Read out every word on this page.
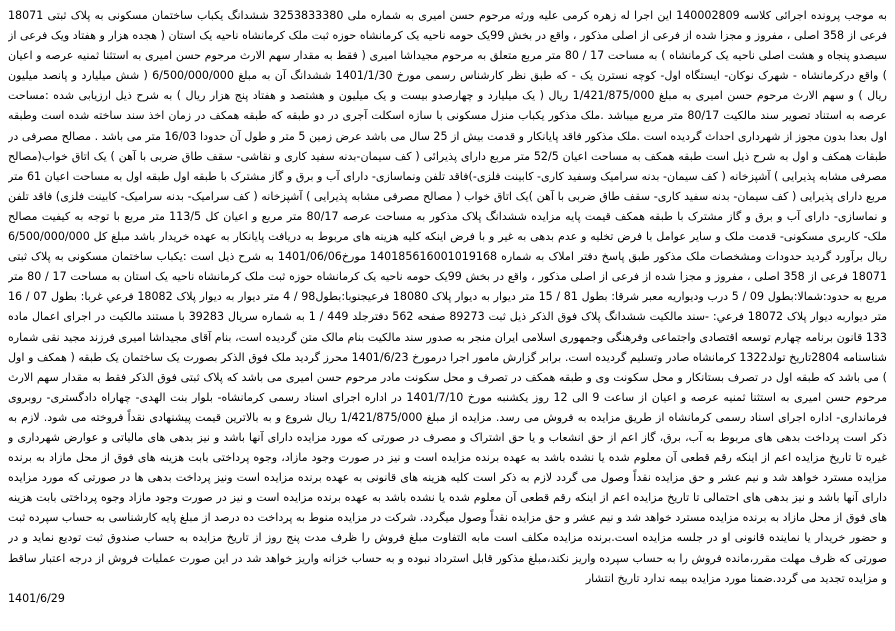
به موجب پرونده اجرائی کلاسه 140002809 این اجرا له زهره کرمی علیه ورثه مرحوم حسن امیری به شماره ملی 3253833380 ششدانگ یکباب ساختمان مسکونی به پلاک ثبتی 18071 فرعی از 358 اصلی ، مفروز و مجزا شده از فرعی از اصلی مذکور ، واقع در بخش 99یک حومه ناحیه یک کرمانشاه حوزه ثبت ملک کرمانشاه ناحیه یک استان ( هجده هزار و هفتاد ویک فرعی از سیصدو پنجاه و هشت اصلی ناحیه یک کرمانشاه ) به مساحت 17 / 80 متر مربع متعلق به مرحوم مجیداشا امیری ( فقط به مقدار سهم الارث مرحوم حسن امیری به استثنا ثمنیه عرصه و اعیان ) واقع درکرمانشاه - شهرک نوکان- ایستگاه اول- کوچه نسترن یک - که طبق نظر کارشناس رسمی مورخ 1401/1/30 ششدانگ آن به مبلغ 6/500/000/000 ( شش میلیارد و پانصد میلیون ریال ) و سهم الارث مرحوم حسن امیری به مبلغ 1/421/875/000 ریال ( یک میلیارد و چهارصدو بیست و یک میلیون و هشتصد و هفتاد پنج هزار ریال ) به شرح ذیل ارزیابی شده :مساحت عرصه به استناد تصویر سند مالکیت 80/17 متر مربع میباشد .ملک مذکور یکباب منزل مسکونی با سازه اسکلت آجری در دو طبقه که طبقه همکف در زمان اخذ سند ساخته شده است وطبقه اول بعدا بدون مجوز از شهرداری احداث گردیده است .ملک مذکور فاقد پایانکار و قدمت بیش از 25 سال می باشد عرض زمین 5 متر و طول آن حدودا 16/03 متر می باشد . مصالح مصرفی در طبقات همکف و اول به شرح ذیل است طبقه همکف به مساحت اعیان 52/5 متر مربع دارای پذیرائی ( کف سیمان-بدنه سفید کاری و نقاشی- سقف طاق ضربی با آهن ) یک اتاق خواب(مصالح مصرفی مشابه پذیرایی ) آشپزخانه ( کف سیمان- بدنه سرامیک وسفید کاری- کابینت فلزی-)فاقد تلفن ونماسازی- دارای آب و برق و گاز مشترک با طبقه اول طبقه اول به مساحت اعیان 61 متر مربع دارای پذیرایی ( کف سیمان- بدنه سفید کاری- سقف طاق ضربی با آهن )یک اتاق خواب ( مصالح مصرفی مشابه پذیرایی ) آشپزخانه ( کف سرامیک- بدنه سرامیک- کابینت فلزی) فاقد تلفن و نماسازی- دارای آب و برق و گاز مشترک با طبقه همکف قیمت پایه مزایده ششدانگ پلاک مذکور به مساحت عرصه 80/17 متر مربع و اعیان کل 113/5 متر مربع با توجه به کیفیت مصالح ملک- کاربری مسکونی- قدمت ملک و سایر عوامل با فرض تخلیه و عدم بدهی به غیر و با فرض اینکه کلیه هزینه های مربوط به دریافت پایانکار به عهده خریدار باشد مبلغ کل 6/500/000/000 ریال برآورد گردید حدودات ومشخصات ملک مذکور طبق پاسخ دفتر املاک به شماره 140185616001019168 مورخ1401/06/06 به شرح ذیل است :یکباب ساختمان مسکونی به پلاک ثبتی 18071 فرعی از 358 اصلی ، مفروز و مجزا شده از فرعی از اصلی مذکور ، واقع در بخش 99یک حومه ناحیه یک کرمانشاه حوزه ثبت ملک کرمانشاه ناحیه یک استان به مساحت 17 / 80 متر مربع به حدود:شمالا:بطول 09 / 5 درب وديواريه معبر شرقا: بطول 81 / 15 متر ديوار به ديوار پلاک 18080 فرعيجنوبا:بطول98 / 4 متر ديوار به ديوار پلاک 18082 فرعي غربا: بطول 07 / 16 متر ديواربه ديوار پلاک 18072 فرعي: -سند مالکيت ششدانگ پلاک فوق الذکر ذيل ثبت 89273 صفحه 562 دفترجلد 449 / 1 به شماره سريال 39283 با مستند مالکيت در اجرای اعمال ماده 133 قانون برنامه چهارم توسعه اقتصادی واجتماعی وفرهنگی وجمهوری اسلامی ایران منجر به صدور سند مالکیت بنام مالک متن گردیده است، بنام آقای مجیداشا امیری فرزند مجید نقی شماره شناسنامه 2804تاریخ تولد1322 کرمانشاه صادر وتسلیم گردیده است. برابر گزارش مامور اجرا درمورخ 1401/6/23 محرز گردید ملک فوق الذکر بصورت یک ساختمان یک طبقه ( همکف و اول ) می باشد که طبقه اول در تصرف بستانکار و محل سکونت وی و طبقه همکف در تصرف و محل سکونت مادر مرحوم حسن امیری می باشد که پلاک ثبتی فوق الذکر فقط به مقدار سهم الارث مرحوم حسن امیری به استثنا ثمنیه عرصه و اعیان از ساعت 9 الی 12 روز یکشنبه مورخ 1401/7/10 در اداره اجرای اسناد رسمی کرمانشاه- بلوار بنت الهدی- چهاراه دادگستری- روبروی فرمانداری- اداره اجرای اسناد رسمی کرمانشاه از طریق مزایده به فروش می رسد. مزایده از مبلغ 1/421/875/000 ریال شروع و به بالاترین قیمت پیشنهادی نقداً فروخته می شود. لازم به ذکر است پرداخت بدهی های مربوط به آب، برق، گاز اعم از حق انشعاب و یا حق اشتراک و مصرف در صورتی که مورد مزایده دارای آنها باشد و نیز بدهی های مالیاتی و عوارض شهرداری و غیره تا تاریخ مزایده اعم از اینکه رقم قطعی آن معلوم شده یا نشده باشد به عهده برنده مزایده است و نیز در صورت وجود مازاد، وجوه پرداختی بابت هزینه های فوق از محل مازاد به برنده مزایده مسترد خواهد شد و نیم عشر و حق مزایده نقداً وصول می گردد لازم به ذکر است کلیه هزینه های قانونی به عهده برنده مزایده است ونیز پرداخت بدهی ها در صورتی که مورد مزایده دارای آنها باشد و نیز بدهی های احتمالی تا تاریخ مزایده اعم از اینکه رقم قطعی آن معلوم شده یا نشده باشد به عهده برنده مزایده است و نیز در صورت وجود مازاد وجوه پرداختی بابت هزینه های فوق از محل مازاد به برنده مزایده مسترد خواهد شد و نیم عشر و حق مزایده نقداً وصول میگردد. شرکت در مزایده منوط به پرداخت ده درصد از مبلغ پایه کارشناسی به حساب سپرده ثبت و حضور خریدار یا نماینده قانونی او در جلسه مزایده است.برنده مزایده مکلف است مابه التفاوت مبلغ فروش را ظرف مدت پنج روز از تاریخ مزایده به حساب صندوق ثبت تودیع نماید و در صورتی که ظرف مهلت مقرر،مانده فروش را به حساب سپرده واریز نکند،مبلغ مذکور قابل استرداد نبوده و به حساب خزانه واریز خواهد شد در این صورت عملیات فروش از درجه اعتبار ساقط و مزایده تجدید می گردد.ضمنا مورد مزایده بیمه ندارد تاریخ انتشار

1401/6/29
